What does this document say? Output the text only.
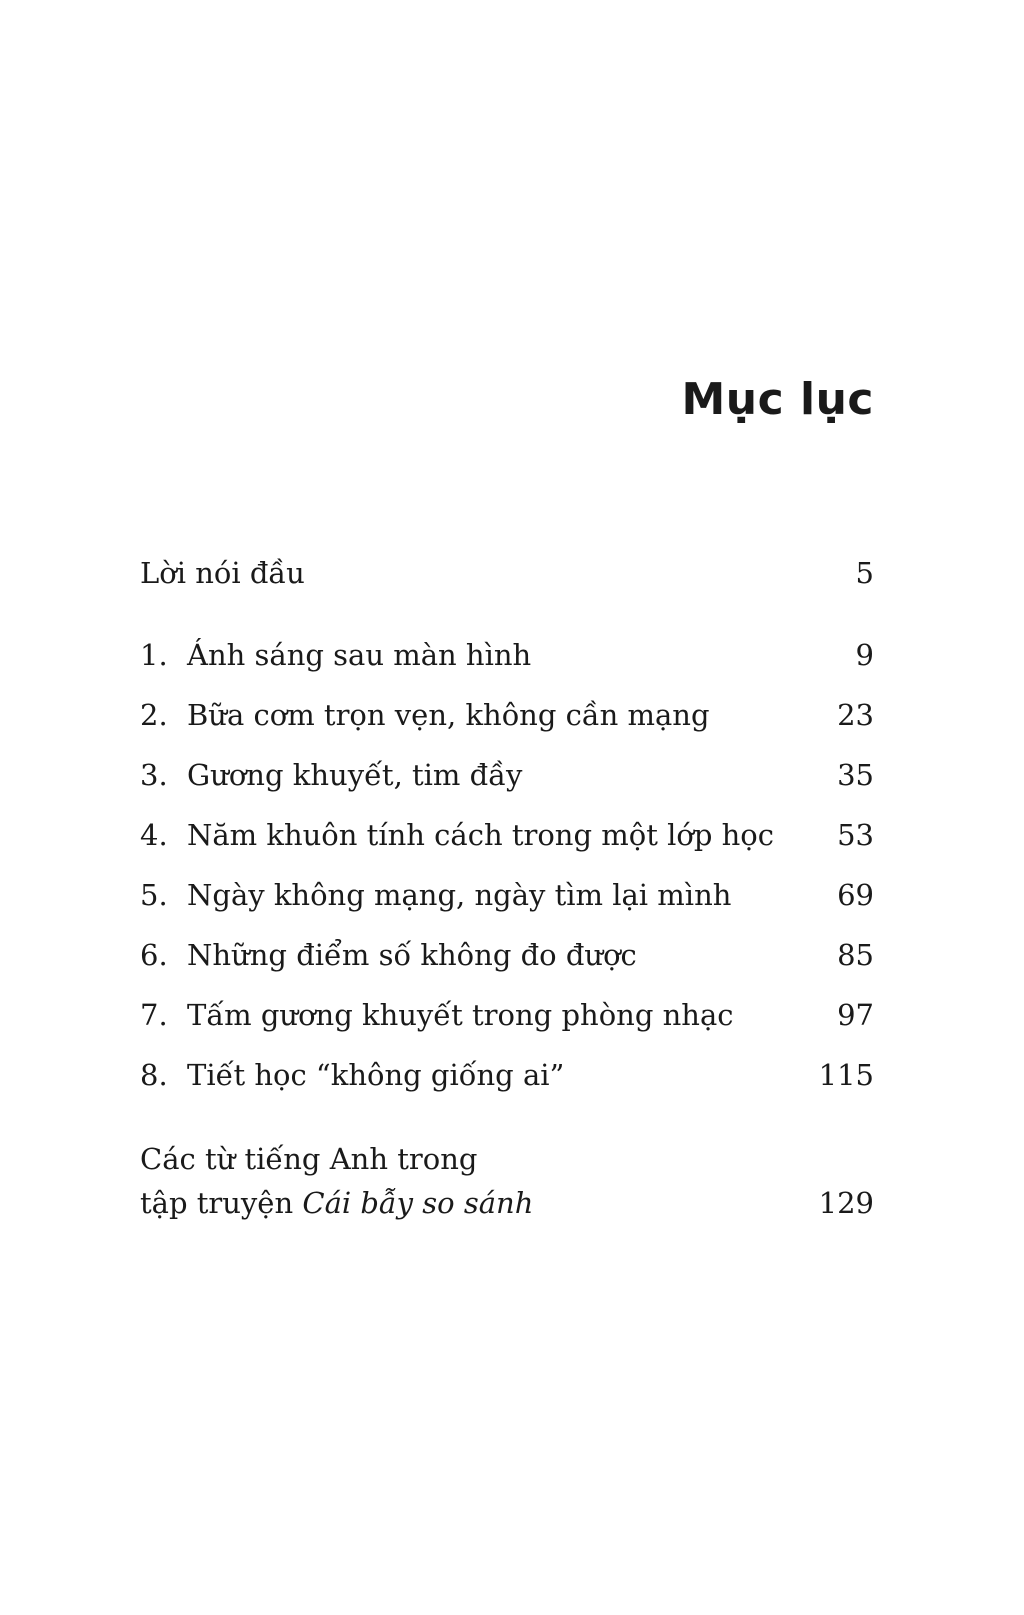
Mục lục
Lời nói đầu	5
1. Ánh sáng sau màn hình	9
2. Bữa cơm trọn vẹn, không cần mạng	23
3. Gương khuyết, tim đầy	35
4. Năm khuôn tính cách trong một lớp học 53
5. Ngày không mạng, ngày tìm lại mình	69
6. Những điểm số không đo được	85
7. Tấm gương khuyết trong phòng nhạc	97
8. Tiết học “không giống ai”	115
Các từ tiếng Anh trong
tập truyện Cái bẫy so sánh	129
